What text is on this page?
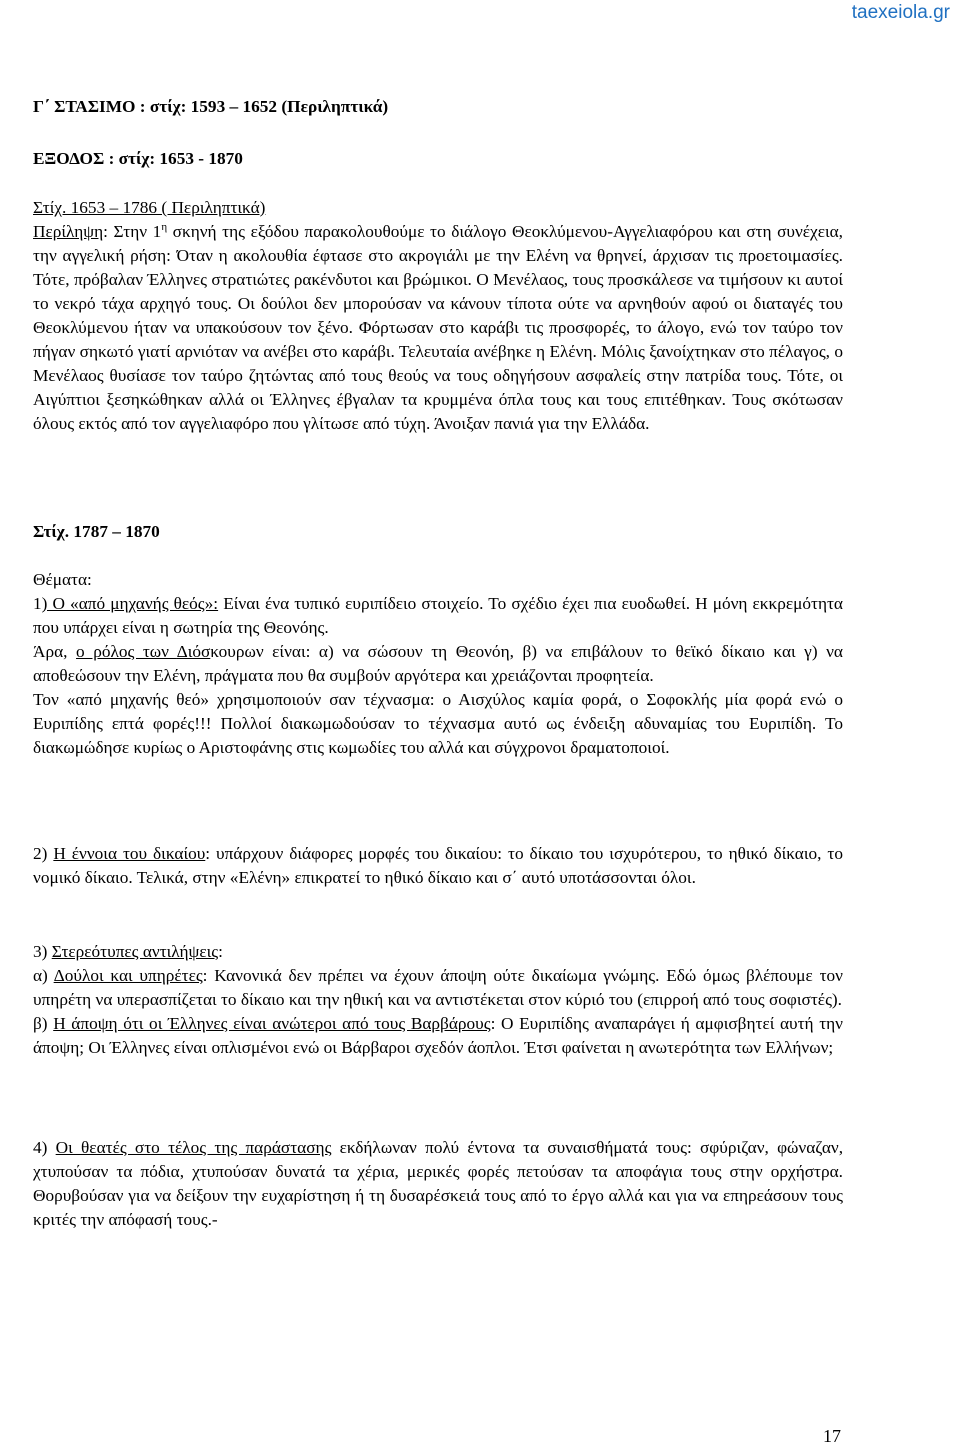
taexeiola.gr
Γ΄ ΣΤΑΣΙΜΟ : στίχ: 1593 – 1652 (Περιληπτικά)
ΕΞΟΔΟΣ : στίχ: 1653 - 1870

Στίχ. 1653 – 1786 ( Περιληπτικά)

Περίληψη: Στην $1^\eta$ σκηνή της εξόδου παρακολουθούμε το διάλογο Θεοκλύμενου-Αγγελιαφόρου και στη συνέχεια, την αγγελική ρήση: Όταν η ακολουθία έφτασε στο ακρογιάλι με την Ελένη να θρηνεί, άρχισαν τις προετοιμασίες. Τότε, πρόβαλαν Έλληνες στρατιώτες ρακένδυτοι και βρώμικοι. Ο Μενέλαος, τους προσκάλεσε να τιμήσουν κι αυτοί το νεκρό τάχα αρχηγό τους. Οι δούλοι δεν μπορούσαν να κάνουν τίποτα ούτε να αρνηθούν αφού οι διαταγές του Θεοκλύμενου ήταν να υπακούσουν τον ξένο. Φόρτωσαν στο καράβι τις προσφορές, το άλογο, ενώ τον ταύρο τον πήγαν σηκωτό γιατί αρνιόταν να ανέβει στο καράβι. Τελευταία ανέβηκε η Ελένη. Μόλις ξανοίχτηκαν στο πέλαγος, ο Μενέλαος θυσίασε τον ταύρο ζητώντας από τους θεούς να τους οδηγήσουν ασφαλείς στην πατρίδα τους. Τότε, οι Αιγύπτιοι ξεσηκώθηκαν αλλά οι Έλληνες έβγαλαν τα κρυμμένα όπλα τους και τους επιτέθηκαν. Τους σκότωσαν όλους εκτός από τον αγγελιαφόρο που γλίτωσε από τύχη. Άνοιξαν πανιά για την Ελλάδα.

Στίχ. 1787 – 1870

Θέματα:

1) Ο «από μηχανής θεός»: Είναι ένα τυπικό ευριπίδειο στοιχείο. Το σχέδιο έχει πια ευοδωθεί. Η μόνη εκκρεμότητα που υπάρχει είναι η σωτηρία της Θεονόης.

Άρα, ο ρόλος των Διόσκουρων είναι: α) να σώσουν τη Θεονόη, β) να επιβάλουν το θεϊκό δίκαιο και γ) να αποθεώσουν την Ελένη, πράγματα που θα συμβούν αργότερα και χρειάζονται προφητεία.

Τον «από μηχανής θεό» χρησιμοποιούν σαν τέχνασμα: ο Αισχύλος καμία φορά, ο Σοφοκλής μία φορά ενώ ο Ευριπίδης επτά φορές!!! Πολλοί διακωμωδούσαν το τέχνασμα αυτό ως ένδειξη αδυναμίας του Ευριπίδη. Το διακωμώδησε κυρίως ο Αριστοφάνης στις κωμωδίες του αλλά και σύγχρονοι δραματοποιοί.

2) Η έννοια του δικαίου: υπάρχουν διάφορες μορφές του δικαίου: το δίκαιο του ισχυρότερου, το ηθικό δίκαιο, το νομικό δίκαιο. Τελικά, στην «Ελένη» επικρατεί το ηθικό δίκαιο και σ΄ αυτό υποτάσσονται όλοι.

3) Στερεότυπες αντιλήψεις:

α) Δούλοι και υπηρέτες: Κανονικά δεν πρέπει να έχουν άποψη ούτε δικαίωμα γνώμης. Εδώ όμως βλέπουμε τον υπηρέτη να υπερασπίζεται το δίκαιο και την ηθική και να αντιστέκεται στον κύριό του (επιρροή από τους σοφιστές).

β) Η άποψη ότι οι Έλληνες είναι ανώτεροι από τους Βαρβάρους: Ο Ευριπίδης αναπαράγει ή αμφισβητεί αυτή την άποψη; Οι Έλληνες είναι οπλισμένοι ενώ οι Βάρβαροι σχεδόν άοπλοι. Έτσι φαίνεται η ανωτερότητα των Ελλήνων;

4) Οι θεατές στο τέλος της παράστασης εκδήλωναν πολύ έντονα τα συναισθήματά τους: σφύριζαν, φώναζαν, χτυπούσαν τα πόδια, χτυπούσαν δυνατά τα χέρια, μερικές φορές πετούσαν τα αποφάγια τους στην ορχήστρα. Θορυβούσαν για να δείξουν την ευχαρίστηση ή τη δυσαρέσκειά τους από το έργο αλλά και για να επηρεάσουν τους κριτές την απόφασή τους.-

17
